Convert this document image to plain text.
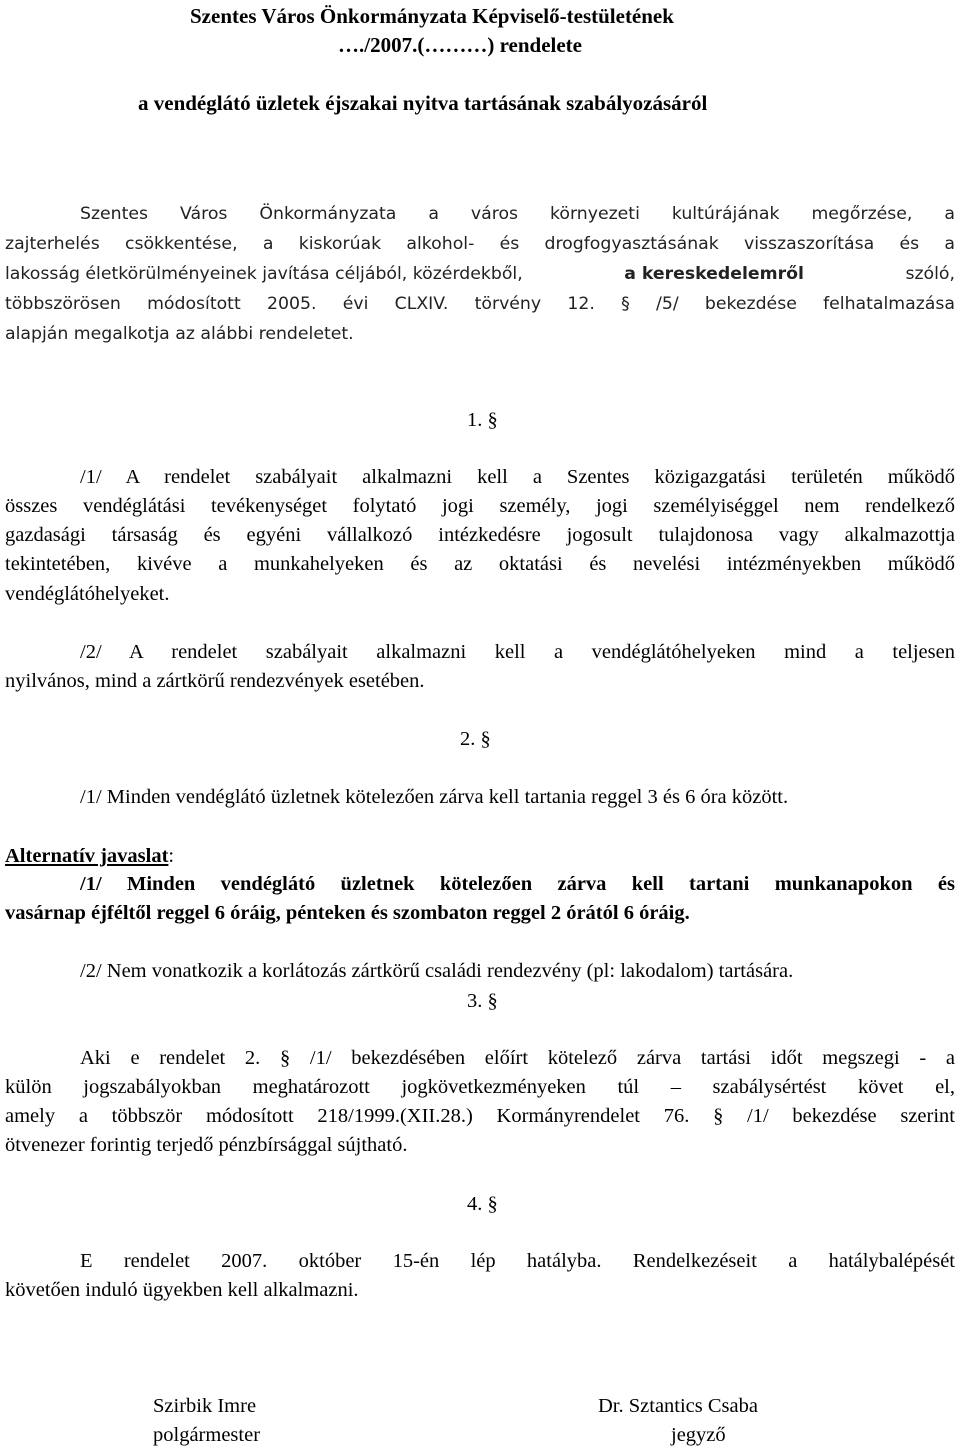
Szentes Város Önkormányzata Képviselő-testületének
…./2007.(………) rendelete
a vendéglátó üzletek éjszakai nyitva tartásának szabályozásáról
Szentes Város Önkormányzata a város környezeti kultúrájának megőrzése, a
zajterhelés csökkentése, a kiskorúak alkohol- és drogfogyasztásának visszaszorítása és a
lakosság életkörülményeinek javítása céljából, közérdekből,	a kereskedelemről	szóló,
többszörösen módosított 2005. évi CLXIV. törvény 12. § /5/ bekezdése felhatalmazása
alapján megalkotja az alábbi rendeletet.
1. §
/1/ A rendelet szabályait alkalmazni kell a Szentes közigazgatási területén működő
összes vendéglátási tevékenységet folytató jogi személy, jogi személyiséggel nem rendelkező
gazdasági társaság és egyéni vállalkozó intézkedésre jogosult tulajdonosa vagy alkalmazottja
tekintetében, kivéve a munkahelyeken és az oktatási és nevelési intézményekben működő
vendéglátóhelyeket.
/2/ A rendelet szabályait alkalmazni kell a vendéglátóhelyeken mind a teljesen
nyilvános, mind a zártkörű rendezvények esetében.
2. §
/1/ Minden vendéglátó üzletnek kötelezően zárva kell tartania reggel 3 és 6 óra között.
Alternatív javaslat:
/1/ Minden vendéglátó üzletnek kötelezően zárva kell tartani munkanapokon és
vasárnap éjféltől reggel 6 óráig, pénteken és szombaton reggel 2 órától 6 óráig.
/2/ Nem vonatkozik a korlátozás zártkörű családi rendezvény (pl: lakodalom) tartására.
3. §
Aki e rendelet 2. § /1/ bekezdésében előírt kötelező zárva tartási időt megszegi - a
külön jogszabályokban meghatározott jogkövetkezményeken túl – szabálysértést követ el,
amely a többször módosított 218/1999.(XII.28.) Kormányrendelet 76. § /1/ bekezdése szerint
ötvenezer forintig terjedő pénzbírsággal sújtható.
4. §
E rendelet 2007. október 15-én lép hatályba. Rendelkezéseit a hatálybalépését
követően induló ügyekben kell alkalmazni.
Szirbik Imre
polgármester
Dr. Sztantics Csaba
jegyző
